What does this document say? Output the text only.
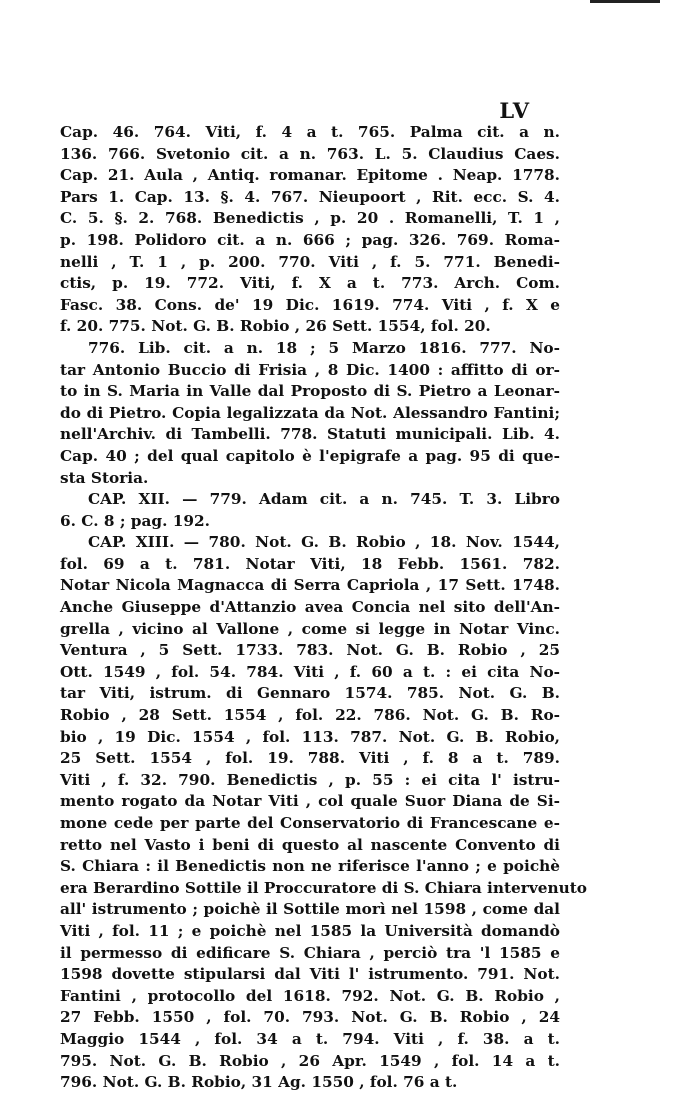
LV
Cap. 46. 764. Viti, f. 4 a t. 765. Palma cit. a n.
136. 766. Svetonio cit. a n. 763. L. 5. Claudius Caes.
Cap. 21. Aula , Antiq. romanar. Epitome . Neap. 1778.
Pars 1. Cap. 13. §. 4. 767. Nieupoort , Rit. ecc. S. 4.
C. 5. §. 2. 768. Benedictis , p. 20 . Romanelli, T. 1 ,
p. 198. Polidoro cit. a n. 666 ; pag. 326. 769. Roma-
nelli , T. 1 , p. 200. 770. Viti , f. 5. 771. Benedi-
ctis, p. 19. 772. Viti, f. X a t. 773. Arch. Com.
Fasc. 38. Cons. de' 19 Dic. 1619. 774. Viti , f. X e
f. 20. 775. Not. G. B. Robio , 26 Sett. 1554, fol. 20.
776. Lib. cit. a n. 18 ; 5 Marzo 1816. 777. No-
tar Antonio Buccio di Frisia , 8 Dic. 1400 : affitto di or-
to in S. Maria in Valle dal Proposto di S. Pietro a Leonar-
do di Pietro. Copia legalizzata da Not. Alessandro Fantini;
nell'Archiv. di Tambelli. 778. Statuti municipali. Lib. 4.
Cap. 40 ; del qual capitolo è l'epigrafe a pag. 95 di que-
sta Storia.
CAP. XII. — 779. Adam cit. a n. 745. T. 3. Libro
6. C. 8 ; pag. 192.
CAP. XIII. — 780. Not. G. B. Robio , 18. Nov. 1544,
fol. 69 a t. 781. Notar Viti, 18 Febb. 1561. 782.
Notar Nicola Magnacca di Serra Capriola , 17 Sett. 1748.
Anche Giuseppe d'Attanzio avea Concia nel sito dell'An-
grella , vicino al Vallone , come si legge in Notar Vinc.
Ventura , 5 Sett. 1733. 783. Not. G. B. Robio , 25
Ott. 1549 , fol. 54. 784. Viti , f. 60 a t. : ei cita No-
tar Viti, istrum. di Gennaro 1574. 785. Not. G. B.
Robio , 28 Sett. 1554 , fol. 22. 786. Not. G. B. Ro-
bio , 19 Dic. 1554 , fol. 113. 787. Not. G. B. Robio,
25 Sett. 1554 , fol. 19. 788. Viti , f. 8 a t. 789.
Viti , f. 32. 790. Benedictis , p. 55 : ei cita l' istru-
mento rogato da Notar Viti , col quale Suor Diana de Si-
mone cede per parte del Conservatorio di Francescane e-
retto nel Vasto i beni di questo al nascente Convento di
S. Chiara : il Benedictis non ne riferisce l'anno ; e poichè
era Berardino Sottile il Proccuratore di S. Chiara intervenuto
all' istrumento ; poichè il Sottile morì nel 1598 , come dal
Viti , fol. 11 ; e poichè nel 1585 la Università domandò
il permesso di edificare S. Chiara , perciò tra 'l 1585 e
1598 dovette stipularsi dal Viti l' istrumento. 791. Not.
Fantini , protocollo del 1618. 792. Not. G. B. Robio ,
27 Febb. 1550 , fol. 70. 793. Not. G. B. Robio , 24
Maggio 1544 , fol. 34 a t. 794. Viti , f. 38. a t.
795. Not. G. B. Robio , 26 Apr. 1549 , fol. 14 a t.
796. Not. G. B. Robio, 31 Ag. 1550 , fol. 76 a t.
